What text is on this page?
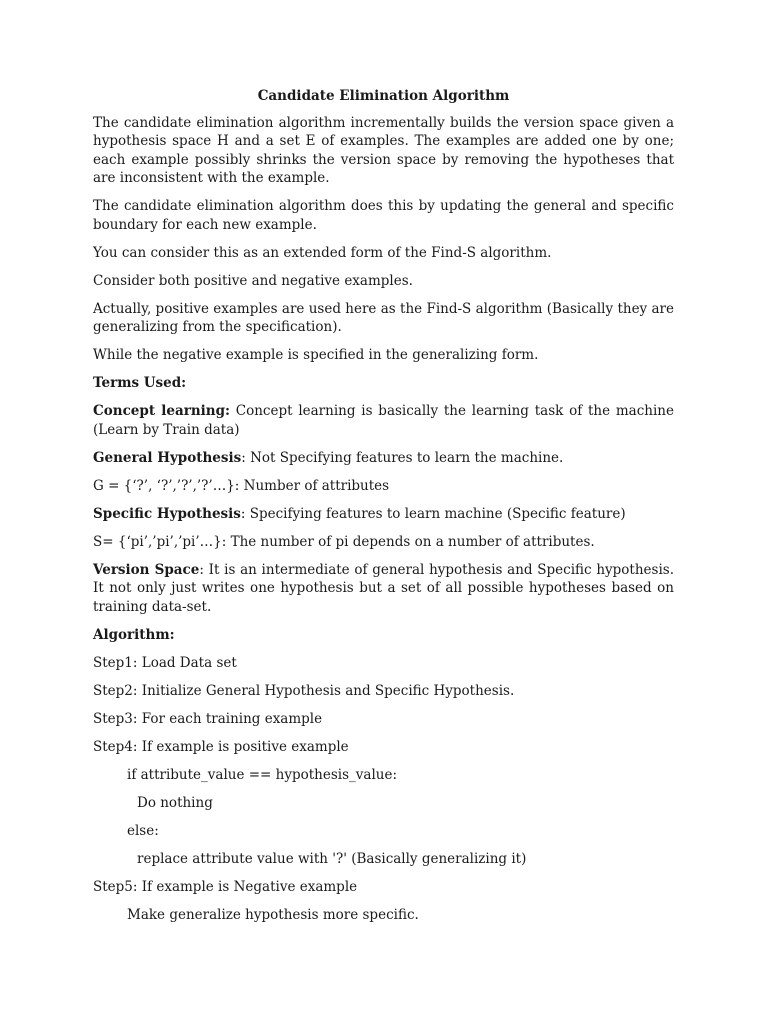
Candidate Elimination Algorithm

The candidate elimination algorithm incrementally builds the version space given a hypothesis space H and a set E of examples. The examples are added one by one; each example possibly shrinks the version space by removing the hypotheses that are inconsistent with the example.

The candidate elimination algorithm does this by updating the general and specific boundary for each new example.

You can consider this as an extended form of the Find-S algorithm.

Consider both positive and negative examples.

Actually, positive examples are used here as the Find-S algorithm (Basically they are generalizing from the specification).

While the negative example is specified in the generalizing form.

Terms Used:

Concept learning: Concept learning is basically the learning task of the machine (Learn by Train data)

General Hypothesis: Not Specifying features to learn the machine.

G = {‘?’, ‘?’,’?’,’?’…}: Number of attributes

Specific Hypothesis: Specifying features to learn machine (Specific feature)

S= {‘pi’,’pi’,’pi’…}: The number of pi depends on a number of attributes.

Version Space: It is an intermediate of general hypothesis and Specific hypothesis. It not only just writes one hypothesis but a set of all possible hypotheses based on training data-set.

Algorithm:

Step1: Load Data set

Step2: Initialize General Hypothesis and Specific Hypothesis.

Step3: For each training example

Step4: If example is positive example

if attribute_value == hypothesis_value:

Do nothing

else:

replace attribute value with '?' (Basically generalizing it)

Step5: If example is Negative example

Make generalize hypothesis more specific.
